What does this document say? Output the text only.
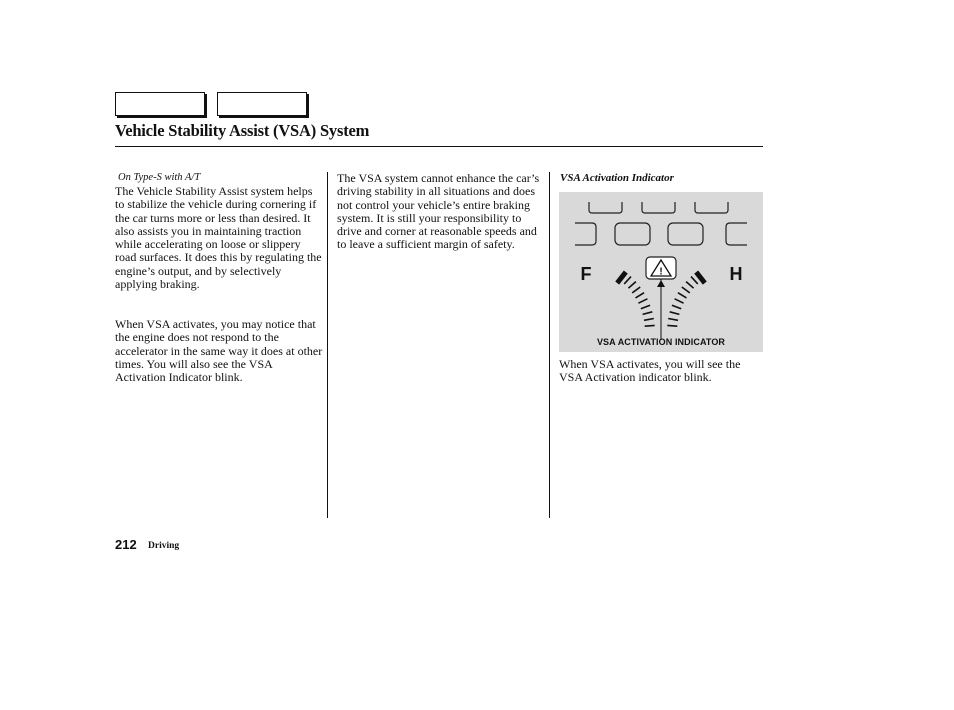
Vehicle Stability Assist (VSA) System
On Type-S with A/T

The Vehicle Stability Assist system helps to stabilize the vehicle during cornering if the car turns more or less than desired. It also assists you in maintaining traction while accelerating on loose or slippery road surfaces. It does this by regulating the engine’s output, and by selectively applying braking.

When VSA activates, you may notice that the engine does not respond to the accelerator in the same way it does at other times. You will also see the VSA Activation Indicator blink.

The VSA system cannot enhance the car’s driving stability in all situations and does not control your vehicle’s entire braking system. It is still your responsibility to drive and corner at reasonable speeds and to leave a sufficient margin of safety.

VSA Activation Indicator
F	H
!
VSA ACTIVATION INDICATOR

When VSA activates, you will see the VSA Activation indicator blink.

212 Driving
